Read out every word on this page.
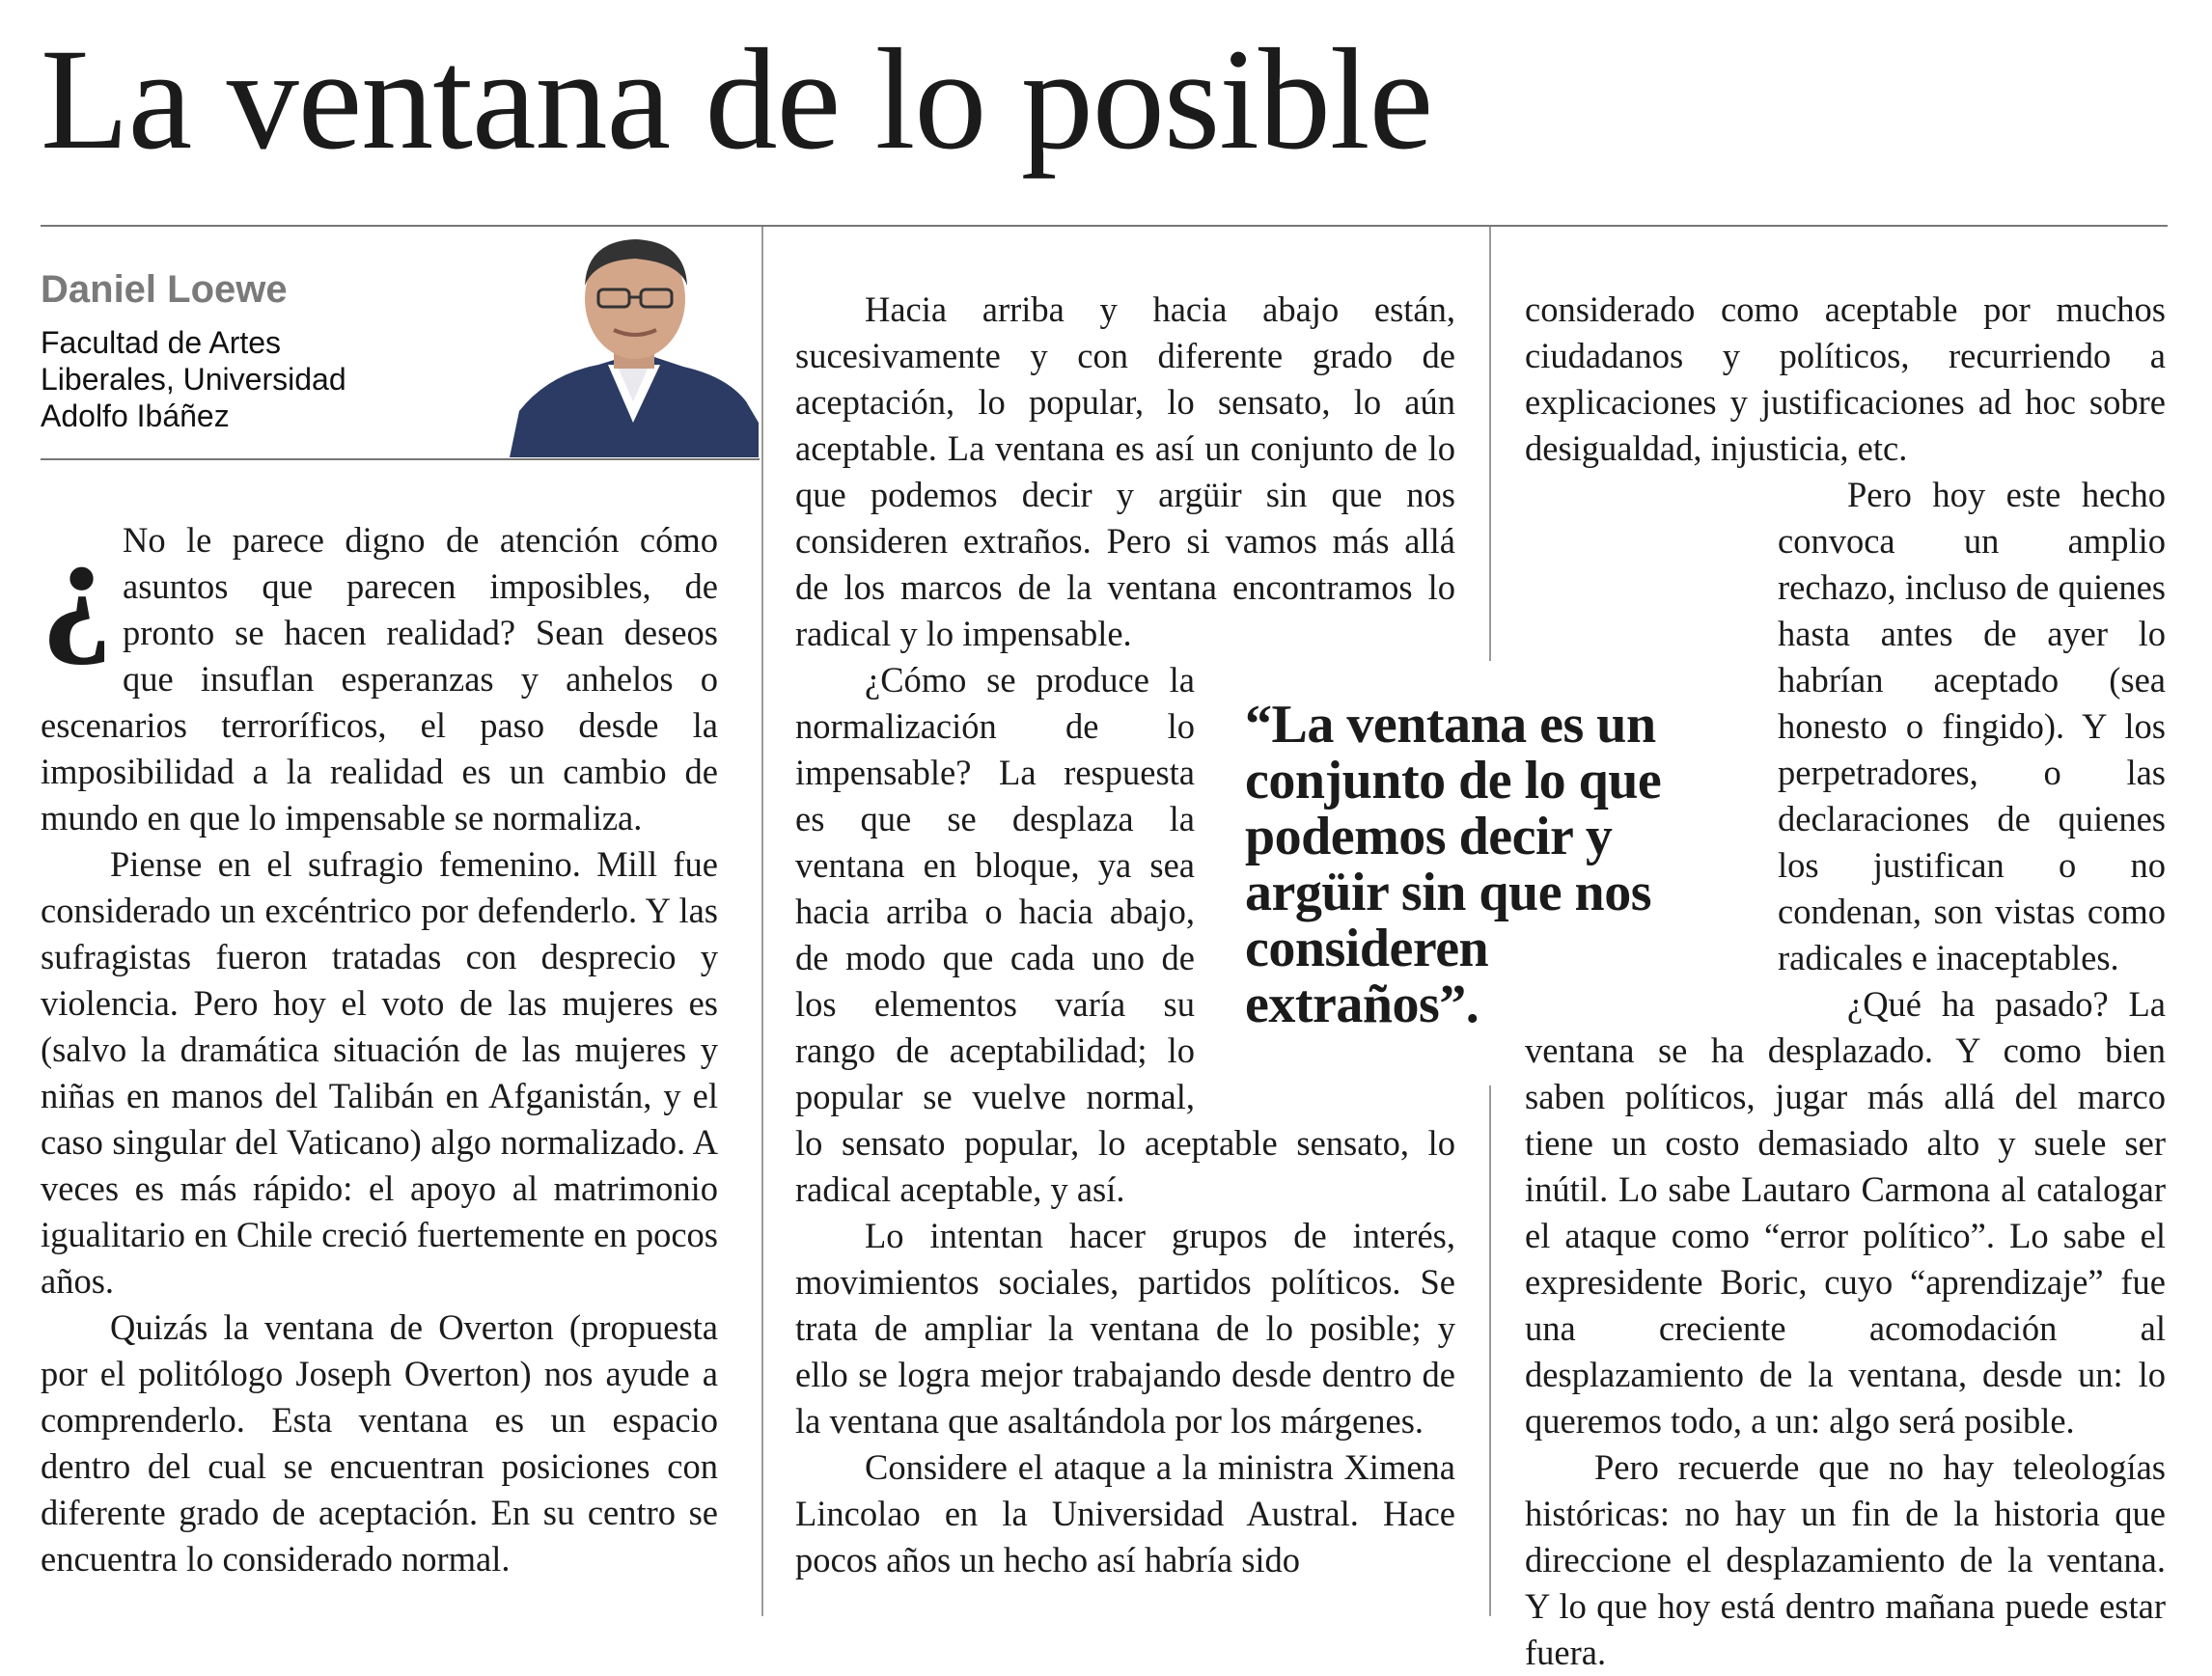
La ventana de lo posible
Daniel Loewe

Facultad de Artes Liberales, Universidad Adolfo Ibáñez

¿ No le parece digno de atención cómo asuntos que parecen imposibles, de pronto se hacen realidad? Sean deseos que insuflan esperanzas y anhelos o escenarios terroríficos, el paso desde la imposibilidad a la realidad es un cambio de mundo en que lo impensable se normaliza.

Piense en el sufragio femenino. Mill fue considerado un excéntrico por defenderlo. Y las sufragistas fueron tratadas con desprecio y violencia. Pero hoy el voto de las mujeres es (salvo la dramática situación de las mujeres y niñas en manos del Talibán en Afganistán, y el caso singular del Vaticano) algo normalizado. A veces es más rápido: el apoyo al matrimonio igualitario en Chile creció fuertemente en pocos años.

Quizás la ventana de Overton (propuesta por el politólogo Joseph Overton) nos ayude a comprenderlo. Esta ventana es un espacio dentro del cual se encuentran posiciones con diferente grado de aceptación. En su centro se encuentra lo considerado normal.

Hacia arriba y hacia abajo están, sucesivamente y con diferente grado de aceptación, lo popular, lo sensato, lo aún aceptable. La ventana es así un conjunto de lo que podemos decir y argüir sin que nos consideren extraños. Pero si vamos más allá de los marcos de la ventana encontramos lo radical y lo impensable.

¿Cómo se produce la normalización de lo impensable? La respuesta es que se desplaza la ventana en bloque, ya sea hacia arriba o hacia abajo, de modo que cada uno de los elementos varía su rango de aceptabilidad; lo popular se vuelve normal, lo sensato popular, lo aceptable sensato, lo radical aceptable, y así.

Lo intentan hacer grupos de interés, movimientos sociales, partidos políticos. Se trata de ampliar la ventana de lo posible; y ello se logra mejor trabajando desde dentro de la ventana que asaltándola por los márgenes.

Considere el ataque a la ministra Ximena Lincolao en la Universidad Austral. Hace pocos años un hecho así habría sido

considerado como aceptable por muchos ciudadanos y políticos, recurriendo a explicaciones y justificaciones ad hoc sobre desigualdad, injusticia, etc.

Pero hoy este hecho convoca un amplio rechazo, incluso de quienes hasta antes de ayer lo habrían aceptado (sea honesto o fingido). Y los perpetradores, o las declaraciones de quienes los justifican o no condenan, son vistas como radicales e inaceptables.

¿Qué ha pasado? La ventana se ha desplazado. Y como bien saben políticos, jugar más allá del marco tiene un costo demasiado alto y suele ser inútil. Lo sabe Lautaro Carmona al catalogar el ataque como “error político”. Lo sabe el expresidente Boric, cuyo “aprendizaje” fue una creciente acomodación al desplazamiento de la ventana, desde un: lo queremos todo, a un: algo será posible.

Pero recuerde que no hay teleologías históricas: no hay un fin de la historia que direccione el desplazamiento de la ventana. Y lo que hoy está dentro mañana puede estar fuera.

“La ventana es un conjunto de lo que podemos decir y argüir sin que nos consideren extraños”.
